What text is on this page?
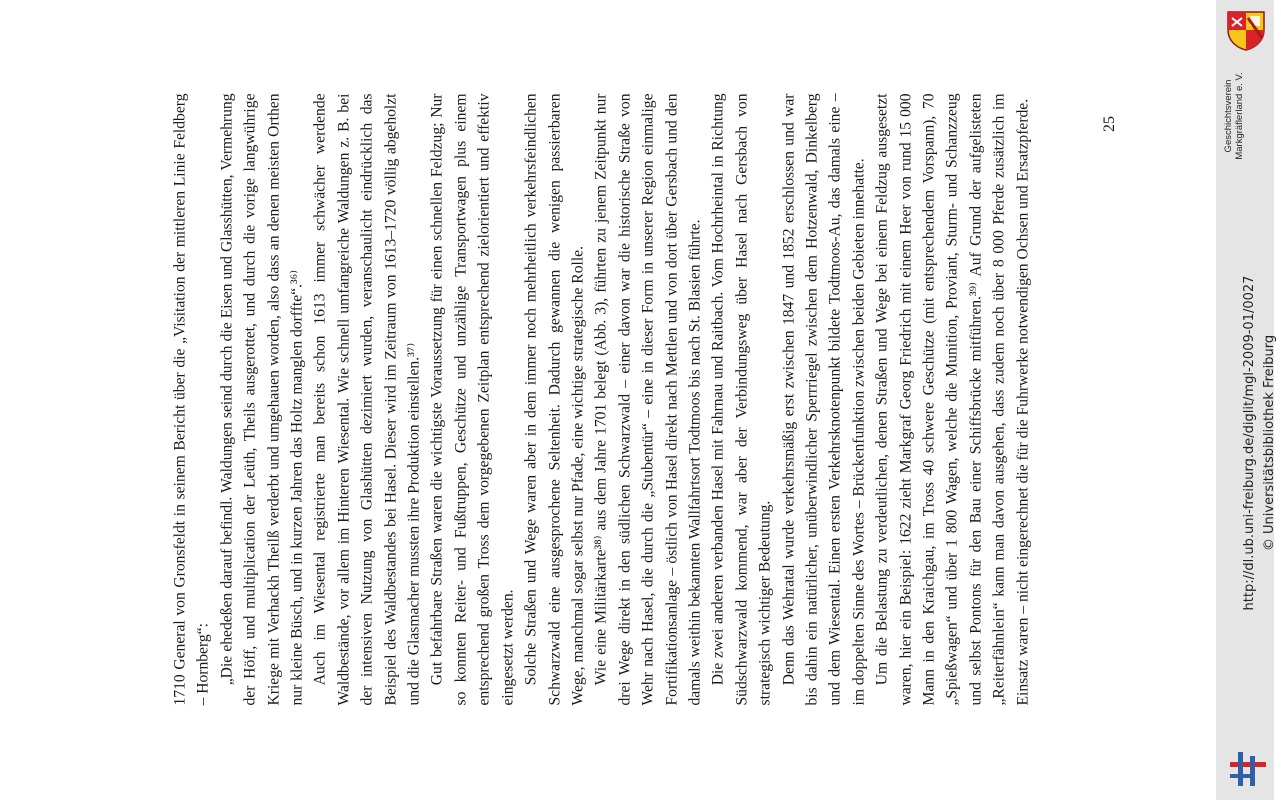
1710 General von Gronsfeldt in seinem Bericht über die „Visitation der mittleren Linie Feldberg – Hornberg“: „Die ehedeßen darauf befindl. Waldungen seind durch die Eisen und Glasshütten, Vermehrung der Höff, und multiplication der Leüth, Theils ausgerottet, und durch die vorige langwührige Kriege mit Verhackh Theilß verderbt und umgehauen worden, also dass an denen meisten Orthen nur kleine Büsch, und in kurzen Jahren das Holtz manglen dorffte“.³⁶⁾ Auch im Wiesental registrierte man bereits schon 1613 immer schwächer werdende Waldbestände, vor allem im Hinteren Wiesental. Wie schnell umfangreiche Waldungen z. B. bei der intensiven Nutzung von Glashütten dezimiert wurden, veranschaulicht eindrücklich das Beispiel des Waldbestandes bei Hasel. Dieser wird im Zeitraum von 1613–1720 völlig abgeholzt und die Glasmacher mussten ihre Produktion einstellen.³⁷⁾ Gut befahrbare Straßen waren die wichtigste Voraussetzung für einen schnellen Feldzug; Nur so konnten Reiter- und Fußtruppen, Geschütze und unzählige Transportwagen plus einem entsprechend großen Tross dem vorgegebenen Zeitplan entsprechend zielorientiert und effektiv eingesetzt werden. Solche Straßen und Wege waren aber in dem immer noch mehrheitlich verkehrsfeindlichen Schwarzwald eine ausgesprochene Seltenheit. Dadurch gewannen die wenigen passierbaren Wege, manchmal sogar selbst nur Pfade, eine wichtige strategische Rolle. Wie eine Militärkarte³⁸⁾ aus dem Jahre 1701 belegt (Abb. 3), führten zu jenem Zeitpunkt nur drei Wege direkt in den südlichen Schwarzwald – einer davon war die historische Straße von Wehr nach Hasel, die durch die „Stubentür“ – eine in dieser Form in unserer Region einmalige Fortifikationsanlage – östlich von Hasel direkt nach Mettlen und von dort über Gersbach und den damals weithin bekannten Wallfahrtsort Todtmoos bis nach St. Blasien führte. Die zwei anderen verbanden Hasel mit Fahrnau und Raitbach. Vom Hochrheintal in Richtung Südschwarzwald kommend, war aber der Verbindungsweg über Hasel nach Gersbach von strategisch wichtiger Bedeutung. Denn das Wehratal wurde verkehrsmäßig erst zwischen 1847 und 1852 erschlossen und war bis dahin ein natürlicher, unüberwindlicher Sperrriegel zwischen dem Hotzenwald, Dinkelberg und dem Wiesental. Einen ersten Verkehrsknotenpunkt bildete Todtmoos-Au, das damals eine – im doppelten Sinne des Wortes – Brückenfunktion zwischen beiden Gebieten innehatte. Um die Belastung zu verdeutlichen, denen Straßen und Wege bei einem Feldzug ausgesetzt waren, hier ein Beispiel: 1622 zieht Markgraf Georg Friedrich mit einem Heer von rund 15 000 Mann in den Kraichgau, im Tross 40 schwere Geschütze (mit entsprechendem Vorspann), 70 „Spießwagen“ und über 1 800 Wagen, welche die Munition, Proviant, Sturm- und Schanzzeug und selbst Pontons für den Bau einer Schiffsbrücke mitführen.³⁹⁾ Auf Grund der aufgelisteten „Reiterfähnlein“ kann man davon ausgehen, dass zudem noch über 8 000 Pferde zusätzlich im Einsatz waren – nicht eingerechnet die für die Fuhrwerke notwendigen Ochsen und Ersatzpferde.	25
http://dl.ub.uni-freiburg.de/diglit/mgl-2009-01/0027 © Universitätsbibliothek Freiburg
Geschichtsverein Markgräflerland e. V.
